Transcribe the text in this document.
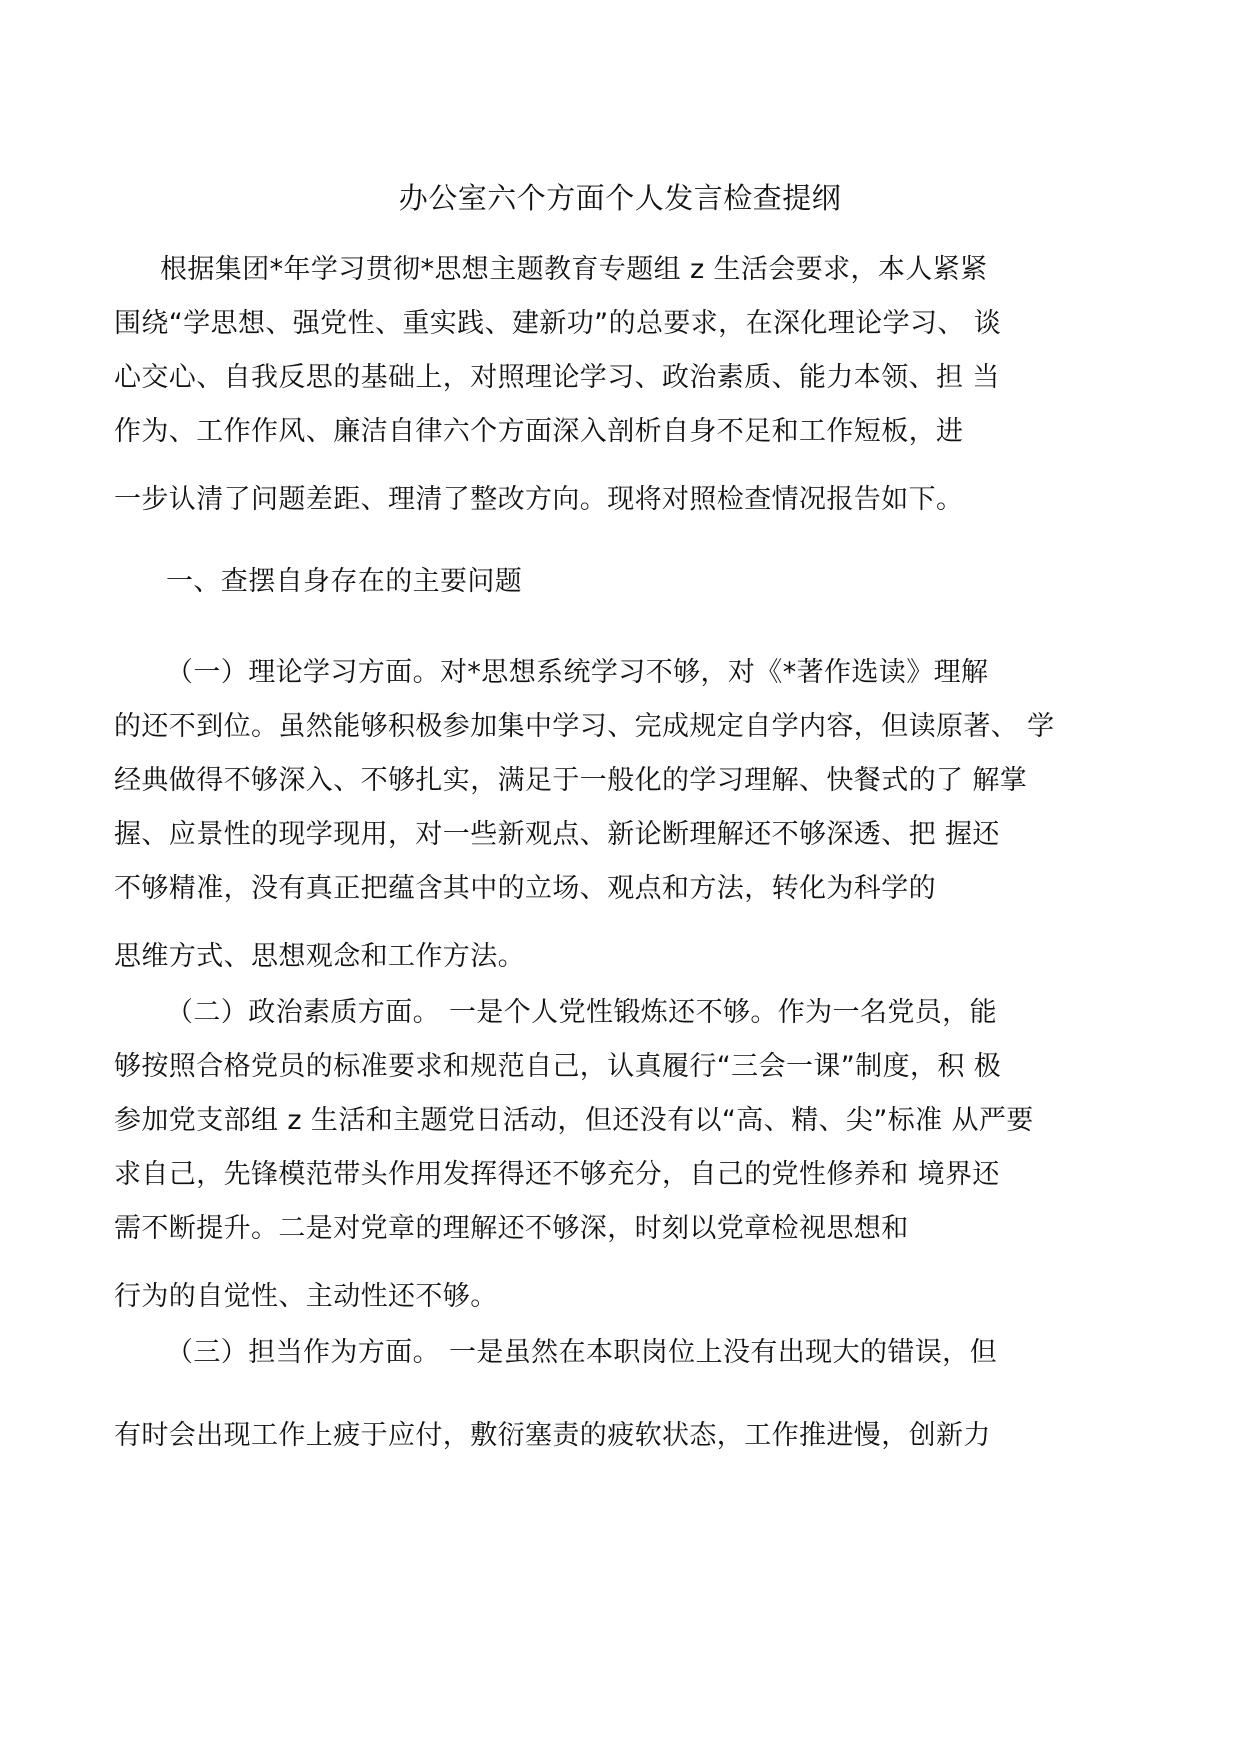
办公室六个方面个人发言检查提纲
根据集团*年学习贯彻*思想主题教育专题组 z 生活会要求，本人紧紧
围绕“学思想、强党性、重实践、建新功”的总要求，在深化理论学习、 谈
心交心、自我反思的基础上，对照理论学习、政治素质、能力本领、担 当
作为、工作作风、廉洁自律六个方面深入剖析自身不足和工作短板，进
一步认清了问题差距、理清了整改方向。现将对照检查情况报告如下。
一、查摆自身存在的主要问题
（一）理论学习方面。对*思想系统学习不够，对《*著作选读》理解
的还不到位。虽然能够积极参加集中学习、完成规定自学内容，但读原著、 学
经典做得不够深入、不够扎实，满足于一般化的学习理解、快餐式的了 解掌
握、应景性的现学现用，对一些新观点、新论断理解还不够深透、把 握还
不够精准，没有真正把蕴含其中的立场、观点和方法，转化为科学的
思维方式、思想观念和工作方法。
（二）政治素质方面。 一是个人党性锻炼还不够。作为一名党员，能
够按照合格党员的标准要求和规范自己，认真履行“三会一课”制度，积 极
参加党支部组 z 生活和主题党日活动，但还没有以“高、精、尖”标准 从严要
求自己，先锋模范带头作用发挥得还不够充分，自己的党性修养和 境界还
需不断提升。二是对党章的理解还不够深，时刻以党章检视思想和
行为的自觉性、主动性还不够。
（三）担当作为方面。 一是虽然在本职岗位上没有出现大的错误，但
有时会出现工作上疲于应付，敷衍塞责的疲软状态，工作推进慢，创新力
